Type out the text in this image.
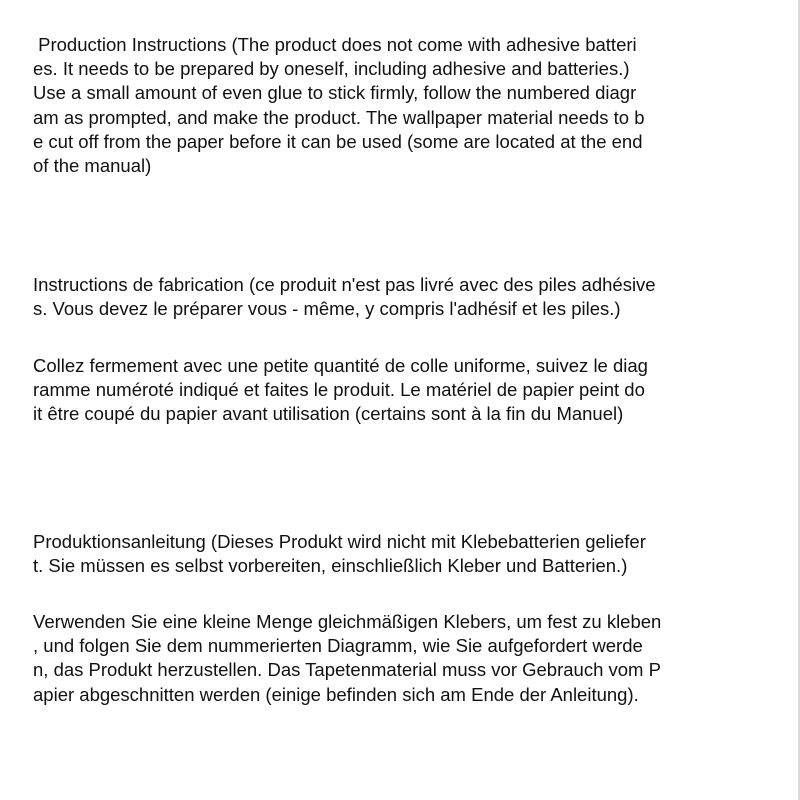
Production Instructions (The product does not come with adhesive batteri
es. It needs to be prepared by oneself, including adhesive and batteries.)
Use a small amount of even glue to stick firmly, follow the numbered diagr
am as prompted, and make the product. The wallpaper material needs to b
e cut off from the paper before it can be used (some are located at the end
of the manual)
Instructions de fabrication (ce produit n'est pas livré avec des piles adhésive
s. Vous devez le préparer vous - même, y compris l'adhésif et les piles.)
Collez fermement avec une petite quantité de colle uniforme, suivez le diag
ramme numéroté indiqué et faites le produit. Le matériel de papier peint do
it être coupé du papier avant utilisation (certains sont à la fin du Manuel)
Produktionsanleitung (Dieses Produkt wird nicht mit Klebebatterien geliefer
t. Sie müssen es selbst vorbereiten, einschließlich Kleber und Batterien.)
Verwenden Sie eine kleine Menge gleichmäßigen Klebers, um fest zu kleben
, und folgen Sie dem nummerierten Diagramm, wie Sie aufgefordert werde
n, das Produkt herzustellen. Das Tapetenmaterial muss vor Gebrauch vom P
apier abgeschnitten werden (einige befinden sich am Ende der Anleitung).
